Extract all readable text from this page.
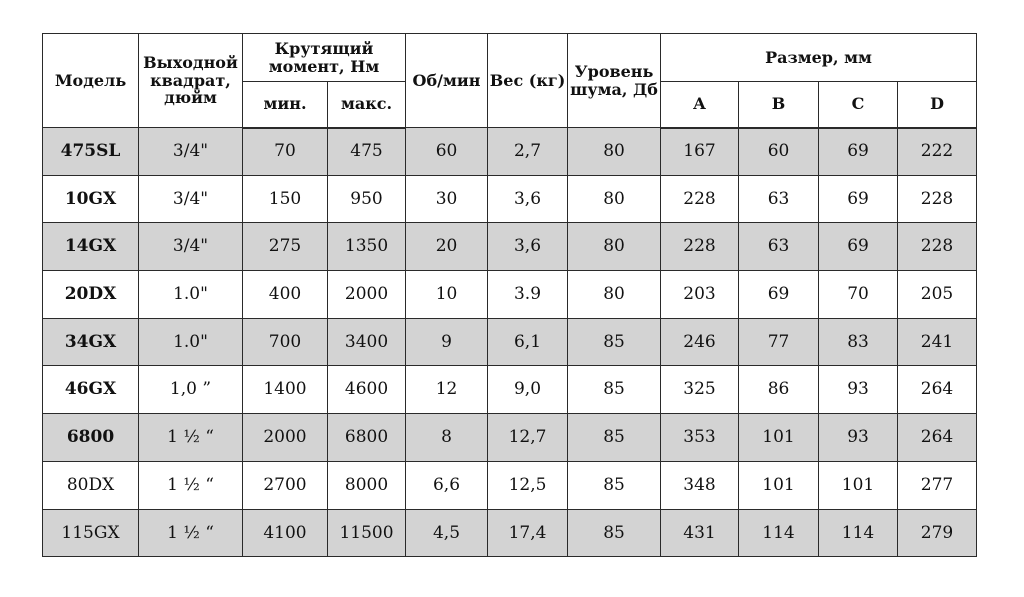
Модель	Выходной квадрат, дюйм	Крутящий момент, Нм		Об/мин	Вес (кг)	Уровень шума, Дб	Размер, мм			
		мин.	макс.				A	B	C	D
475SL	3/4"	70	475	60	2,7	80	167	60	69	222
10GX	3/4"	150	950	30	3,6	80	228	63	69	228
14GX	3/4"	275	1350	20	3,6	80	228	63	69	228
20DX	1.0"	400	2000	10	3.9	80	203	69	70	205
34GX	1.0"	700	3400	9	6,1	85	246	77	83	241
46GX	1,0 ”	1400	4600	12	9,0	85	325	86	93	264
6800	1 ½ “	2000	6800	8	12,7	85	353	101	93	264
80DX	1 ½ “	2700	8000	6,6	12,5	85	348	101	101	277
115GX	1 ½ “	4100	11500	4,5	17,4	85	431	114	114	279
